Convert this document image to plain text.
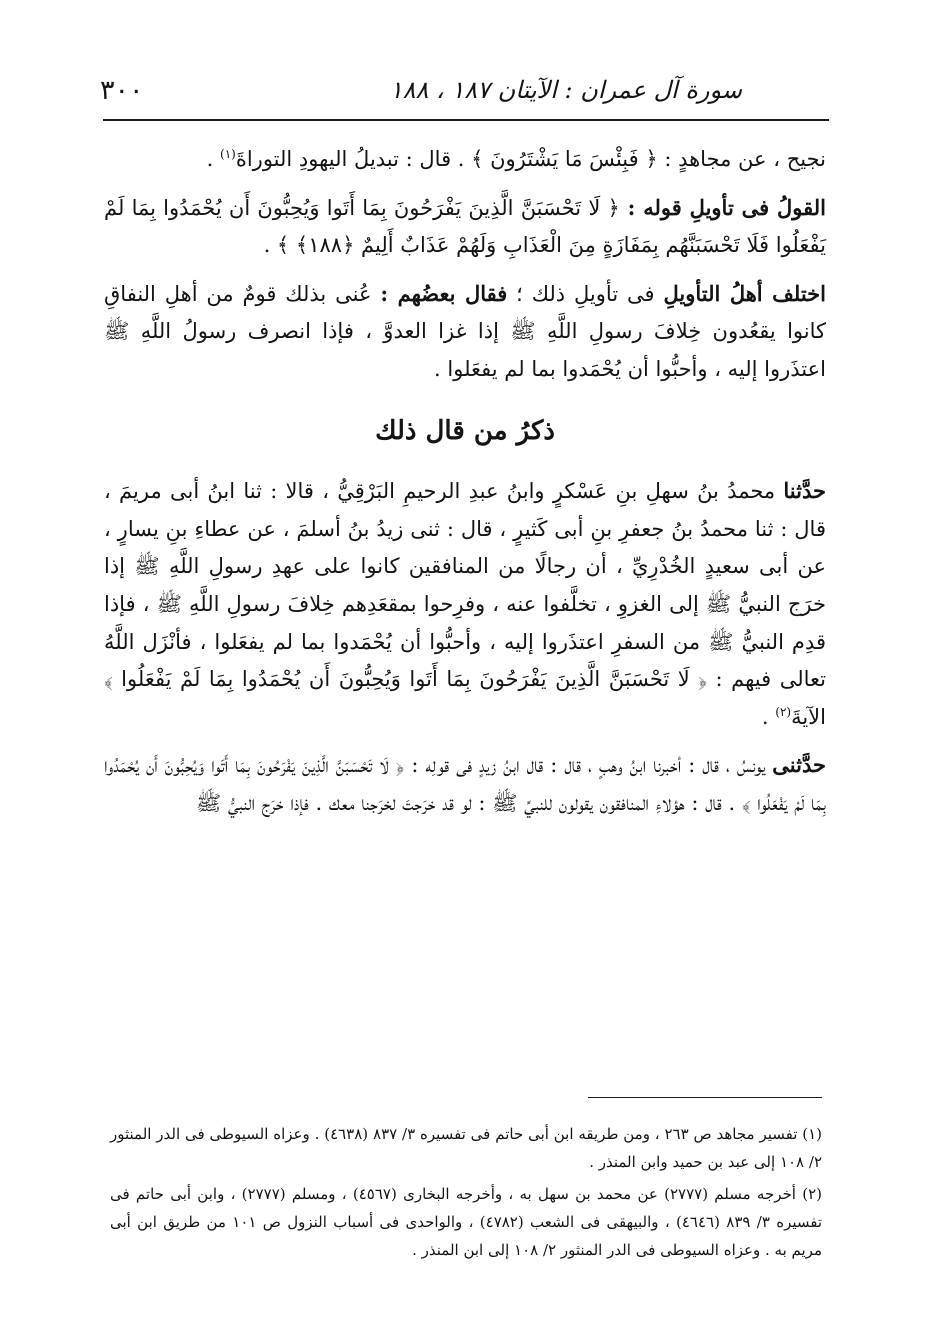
سورة آل عمران : الآيتان ١٨٧ ، ١٨٨
٣٠٠

نجيح ، عن مجاهدٍ : ﴿ فَبِئْسَ مَا يَشْتَرُونَ ﴾ . قال : تبديلُ اليهودِ التوراةَ$^{(١)}$ .

القولُ فى تأويلِ قوله : ﴿ لَا تَحْسَبَنَّ الَّذِينَ يَفْرَحُونَ بِمَا أَتَوا وَيُحِبُّونَ أَن يُحْمَدُوا بِمَا لَمْ يَفْعَلُوا فَلَا تَحْسَبَنَّهُم بِمَفَازَةٍ مِنَ الْعَذَابِ وَلَهُمْ عَذَابٌ أَلِيمٌ ﴿١٨٨﴾ ﴾ .

اختلف أهلُ التأويلِ فى تأويلِ ذلك ؛ فقال بعضُهم : عُنى بذلك قومٌ من أهلِ النفاقِ كانوا يقعُدون خِلافَ رسولِ اللَّهِ ﷺ إذا غزا العدوَّ ، فإذا انصرف رسولُ اللَّهِ ﷺ اعتذَروا إليه ، وأحبُّوا أن يُحْمَدوا بما لم يفعَلوا .

ذكرُ من قال ذلك

حدَّثنا محمدُ بنُ سهلِ بنِ عَسْكرٍ وابنُ عبدِ الرحيمِ البَرْقِيُّ ، قالا : ثنا ابنُ أبى مريمَ ، قال : ثنا محمدُ بنُ جعفرِ بنِ أبى كَثيرٍ ، قال : ثنى زيدُ بنُ أسلمَ ، عن عطاءِ بنِ يسارٍ ، عن أبى سعيدٍ الخُدْرِيِّ ، أن رجالًا من المنافقين كانوا على عهدِ رسولِ اللَّهِ ﷺ إذا خرَج النبيُّ ﷺ إلى الغزوِ ، تخلَّفوا عنه ، وفرِحوا بمقعَدِهم خِلافَ رسولِ اللَّهِ ﷺ ، فإذا قدِم النبيُّ ﷺ من السفرِ اعتذَروا إليه ، وأحبُّوا أن يُحْمَدوا بما لم يفعَلوا ، فأنْزَل اللَّهُ تعالى فيهم : ﴿ لَا تَحْسَبَنَّ الَّذِينَ يَفْرَحُونَ بِمَا أَتَوا وَيُحِبُّونَ أَن يُحْمَدُوا بِمَا لَمْ يَفْعَلُوا ﴾ الآيةَ$^{(٢)}$ .

حدَّثنى يونسُ ، قال : أخبرنا ابنُ وهبٍ ، قال : قال ابنُ زيدٍ فى قولِه : ﴿ لَا تَحْسَبَنَّ الَّذِينَ يَفْرَحُونَ بِمَا أَتَوا وَيُحِبُّونَ أَن يُحْمَدُوا بِمَا لَمْ يَفْعَلُوا ﴾ . قال : هؤلاءِ المنافقون يقولون للنبيِّ ﷺ : لو قد خرَجتَ لخرَجنا معك . فإذا خرَج النبيُّ ﷺ

(١) تفسير مجاهد ص ٢٦٣ ، ومن طريقه ابن أبى حاتم فى تفسيره ٣/ ٨٣٧ (٤٦٣٨) . وعزاه السيوطى فى الدر المنثور ٢/ ١٠٨ إلى عبد بن حميد وابن المنذر .

(٢) أخرجه مسلم (٢٧٧٧) عن محمد بن سهل به ، وأخرجه البخارى (٤٥٦٧) ، ومسلم (٢٧٧٧) ، وابن أبى حاتم فى تفسيره ٣/ ٨٣٩ (٤٦٤٦) ، والبيهقى فى الشعب (٤٧٨٢) ، والواحدى فى أسباب النزول ص ١٠١ من طريق ابن أبى مريم به . وعزاه السيوطى فى الدر المنثور ٢/ ١٠٨ إلى ابن المنذر .
